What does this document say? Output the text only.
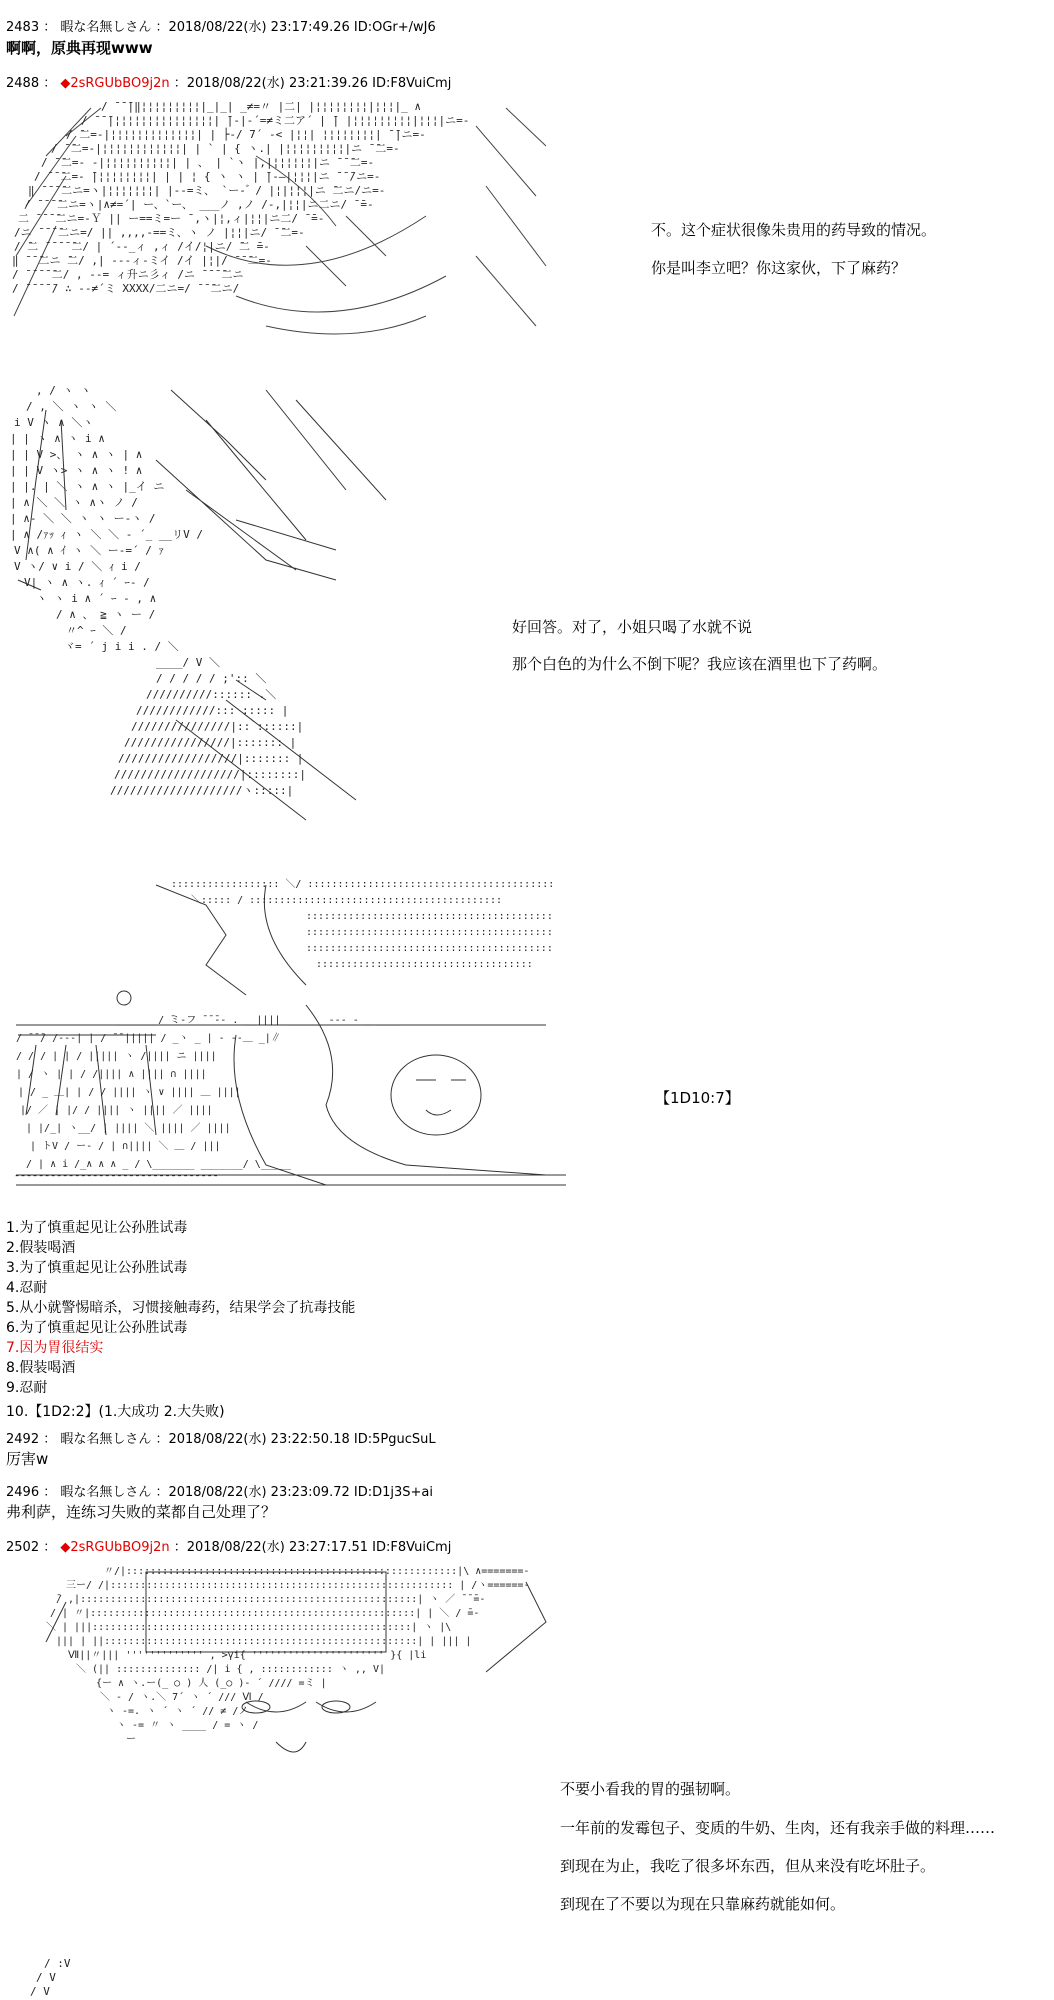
2483 ： 暇な名無しさん ：2018/08/22(水) 23:17:49.26 ID:OGr+/wJ6
啊啊，原典再现www
2488 ： ◆2sRGUbBO9j2n ：2018/08/22(水) 23:21:39.26 ID:F8VuiCmj
/ ̄ ̄ ̄|‖¦¦¦¦¦¦¦¦¦|_|_| _≠=〃 |二| |¦¦¦¦¦¦¦¦|¦¦¦|_ ∧
/ ̄ ̄ ̄|¦¦¦¦¦¦¦¦¦¦¦¦¦¦¦| ̄|‐|‐´=≠ミ二ア´ | ̄| |¦¦¦¦¦¦¦¦¦|¦¦¦|ニ=-
/ ̄二=‐|¦¦¦¦¦¦¦¦¦¦¦¦¦| | ├‐/ 7´ ‐< |¦¦| ¦¦¦¦¦¦¦¦| ̄ ̄|ニ=-
/ ̄ ̄二=‐|¦¦¦¦¦¦¦¦¦¦¦¦| | ` | { ヽ.| |¦¦¦¦¦¦¦¦¦|ニ ̄ ̄二=‐
/ ̄ ̄二=‐ ‐|¦¦¦¦¦¦¦¦¦¦| | 、 | `ヽ |,|¦¦¦¦¦¦|ニ ̄ ̄ ̄二=‐
/ ̄ ̄ ̄二=‐ ̄|¦¦¦¦¦¦¦¦| | | ¦ { ヽ ヽ | ̄|‐―|¦¦¦|ニ ̄ ̄ ̄/ニ=-
‖ ̄ ̄ ̄ ̄二ニ=ヽ|¦¦¦¦¦¦¦| |‐-=ミ、 `ー- ゙ / |¦|¦¦¦|ニ ̄二ニ/ニ=-
/ ̄ ̄ ̄ ̄二ニ=ヽ|∧≠=´| ー、`ー、 ___ノ ,ノ /‐,|¦¦|ニ二ニ/ ̄ ̄=-
二 ̄ ̄ ̄ ̄二ニ=‐Ｙ || ー==ミ=ー ̄ ,ヽ|¦,ィ|¦¦|ニ二/ ̄ ̄=-
/ニ ̄ ̄ ̄ ̄二ニ=/ || ,,,,-==ミ、ヽ ノ |¦¦|ニ/ ̄ ̄二=-
/ ̄二 ̄ ̄ ̄ ̄ ̄二/ | ´‐-_ィ ,ィ /イ/¦|ニ/ ̄二 ̄=-
‖ ̄ ̄ ̄二ニ ̄二/ ,| --‐ィ-ミイ /イ |¦|/ ̄ ̄ ̄二=-
/ ̄ ̄ ̄ ̄ ̄二/ , -‐= ィ升ニ彡ィ /ニ ̄ ̄ ̄ ̄二ニ
/ ̄ ̄ ̄ ̄ ̄/ ∴ ‐-≠´ミ XXXX/二ニ=/ ̄ ̄ ̄二ニ/
不。这个症状很像朱贵用的药导致的情况。
你是叫李立吧？你这家伙，下了麻药？
, / ヽ ヽ
/ , ＼ ヽ ヽ ＼
i V ヽ ∧ ＼ヽ
| | ヽ ∧ ヽ i ∧
| | V >、 ヽ ∧ ヽ | ∧
| | V ヽ> ヽ ∧ ヽ ! ∧
| |. | ＼ ヽ ∧ ヽ |_イ ニ
| ∧ ＼ ＼ ヽ ∧ヽ ノ /
| ∧‐ ＼ ＼ ヽ ヽ ー‐ヽ /
| ∧ /ｧｯ ｨ ヽ ＼ ＼ - ´_ __リV /
V ∧( ∧ ｲ ヽ ＼ ー-=´ / ｧ
V ヽ/ ∨ i / ＼ ｨ i /
V| ヽ ∧ ヽ. ｨ ´ ｰ‐ /
ヽ ヽ i ∧ ´ ｰ ‐ , ∧
/ ∧ 、 ≧ ヽ ー /
〃^ ｰ ＼ /
ヾ= ´ j i i . / ＼
____/ V ＼
/ / / / / ;':: ＼
//////////:::::: .＼
////////////::: ::::: |
///////////////|:: ::::::|
////////////////|::::::: |
//////////////////|::::::: |
///////////////////|::::::::|
////////////////////ヽ:::::|
好回答。对了，小姐只喝了水就不说
那个白色的为什么不倒下呢？我应该在酒里也下了药啊。
:::::::::::::::::: ＼/ :::::::::::::::::::::::::::::::::::::::::
＼::::: / ::::::::::::::::::::::::::::::::::::::::::
:::::::::::::::::::::::::::::::::::::::::
:::::::::::::::::::::::::::::::::::::::::
:::::::::::::::::::::::::::::::::::::::::
::::::::::::::::::::::::::::::::::::
_______/ ̄ミ-フ ̄ ̄ ̄‐- . __|||| ______ ‐-‐ - _ ____
/ ̄ ̄ ̄/ /-‐-| | / ̄ ̄ ||||| / _ヽ _ | ‐ ‐-＿ _|∥
/ / / | | / ||||| ヽ /|||| ニ ||||
| / ヽ | | / /|||| ∧ |||| ∩ ||||
| / _ ＿| | / / |||| ヽ ∨ |||| ＿ ||||
|/ ／ | |/ / |||| ヽ |||| ／ ||||
| |/_| ヽ__/ | |||| ＼ |||| ／ ||||
| トV / ー- / | ∩|||| ＼ ＿ / |||
/ | ∧ i /_∧ ∧ ∧ _ / \_______ _______/ \_____
̄ ̄ ̄ ̄ ̄ ̄ ̄ ̄ ̄ ̄ ̄ ̄ ̄ ̄ ̄ ̄ ̄ ̄ ̄ ̄ ̄ ̄ ̄ ̄ ̄ ̄ ̄ ̄ ̄ ̄ ̄ ̄ ̄ ̄
【1D10:7】
1.为了慎重起见让公孙胜试毒
2.假装喝酒
3.为了慎重起见让公孙胜试毒
4.忍耐
5.从小就警惕暗杀，习惯接触毒药，结果学会了抗毒技能
6.为了慎重起见让公孙胜试毒
7.因为胃很结实
8.假装喝酒
9.忍耐
10.【1D2:2】(1.大成功 2.大失败)
2492 ： 暇な名無しさん ：2018/08/22(水) 23:22:50.18 ID:5PgucSuL
厉害w
2496 ： 暇な名無しさん ：2018/08/22(水) 23:23:09.72 ID:D1j3S+ai
弗利萨，连练习失败的菜都自己处理了？
2502 ： ◆2sRGUbBO9j2n ：2018/08/22(水) 23:27:17.51 ID:F8VuiCmj
〃/|:::::::::::::::::::::::::::::::::::::::::::::::::::::::|\ ∧=======-
三ー/ /|::::::::::::::::::::::::::::::::::::::::::::::::::::::::: | /ヽ======-
̄/ ,|::::::::::::::::::::::::::::::::::::::::::::::::::::::::| ヽ ／ ̄ ̄ ̄=-
/ | 〃|::::::::::::::::::::::::::::::::::::::::::::::::::::::| | ＼ / ̄=-
＼ | |||:::::::::::::::::::::::::::::::::::::::::::::::::::::| ヽ |\
||| | ||::::::::::::::::::::::::::::::::::::::::::::::::::::| | ||| |
Ⅶ||〃||| ''''''''''''' , >γi{ '''''''''''''''''''''' }{ |li
＼ (|| :::::::::::::: /| i { , :::::::::::: ヽ ,, V|
{ー ∧ ヽ.ー(_ ○ ) 人 (_○ )‐ ´ //// =ミ |
＼ ‐ / ヽ.＼ 7´ ヽ ´ /// Ⅵ /
ヽ ‐=. ヽ ´ ヽ ´ // ≠ /ノ
ヽ ‐= 〃 ヽ ____ / = ヽ /
ー
不要小看我的胃的强韧啊。
一年前的发霉包子、变质的牛奶、生肉，还有我亲手做的料理……
到现在为止，我吃了很多坏东西，但从来没有吃坏肚子。
到现在了不要以为现在只靠麻药就能如何。
/ :V
/ V
/ V
